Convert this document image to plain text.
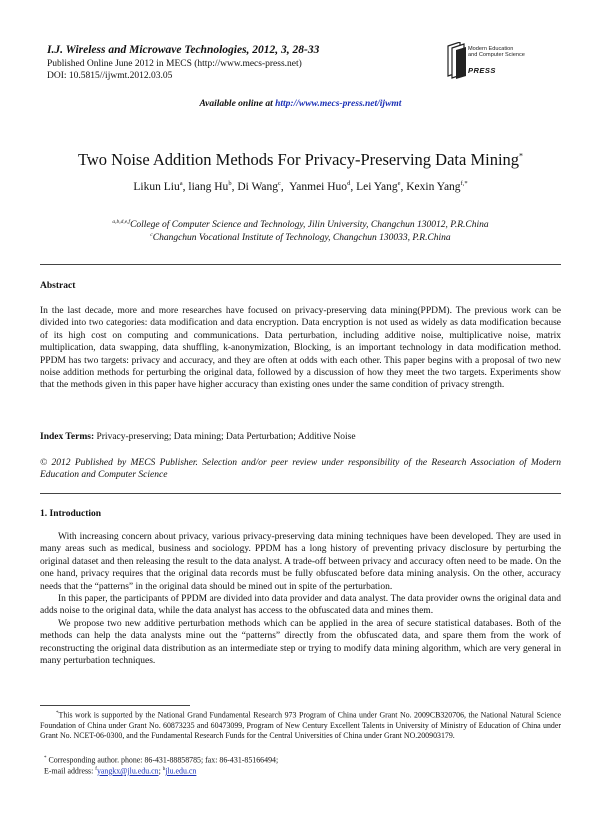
I.J. Wireless and Microwave Technologies, 2012, 3, 28-33
Published Online June 2012 in MECS (http://www.mecs-press.net)
DOI: 10.5815//ijwmt.2012.03.05
Modern Education
and Computer Science
PRESS
Available online at http://www.mecs-press.net/ijwmt
Two Noise Addition Methods For Privacy-Preserving Data Mining*
Likun Liu$^a$, liang Hu$^b$, Di Wang$^c$,  Yanmei Huo$^d$, Lei Yang$^e$, Kexin Yang$^{f,*}$
$^{a,b,d,e,f}$College of Computer Science and Technology, Jilin University, Changchun 130012, P.R.China
$^c$Changchun Vocational Institute of Technology, Changchun 130033, P.R.China
Abstract

In the last decade, more and more researches have focused on privacy-preserving data mining(PPDM). The previous work can be divided into two categories: data modification and data encryption. Data encryption is not used as widely as data modification because of its high cost on computing and communications. Data perturbation, including additive noise, multiplicative noise, matrix multiplication, data swapping, data shuffling, k-anonymization, Blocking, is an important technology in data modification method. PPDM has two targets: privacy and accuracy, and they are often at odds with each other. This paper begins with a proposal of two new noise addition methods for perturbing the original data, followed by a discussion of how they meet the two targets. Experiments show that the methods given in this paper have higher accuracy than existing ones under the same condition of privacy strength.

Index Terms: Privacy-preserving; Data mining; Data Perturbation; Additive Noise

© 2012 Published by MECS Publisher. Selection and/or peer review under responsibility of the Research Association of Modern Education and Computer Science

1. Introduction

With increasing concern about privacy, various privacy-preserving data mining techniques have been developed. They are used in many areas such as medical, business and sociology. PPDM has a long history of preventing privacy disclosure by perturbing the original dataset and then releasing the result to the data analyst. A trade-off between privacy and accuracy often need to be made. On the one hand, privacy requires that the original data records must be fully obfuscated before data mining analysis. On the other, accuracy needs that the “patterns” in the original data should be mined out in spite of the perturbation.

In this paper, the participants of PPDM are divided into data provider and data analyst. The data provider owns the original data and adds noise to the original data, while the data analyst has access to the obfuscated data and mines them.

We propose two new additive perturbation methods which can be applied in the area of secure statistical databases. Both of the methods can help the data analysts mine out the “patterns” directly from the obfuscated data, and spare them from the work of reconstructing the original data distribution as an intermediate step or trying to modify data mining algorithm, which are very general in many perturbation techniques.

*This work is supported by the National Grand Fundamental Research 973 Program of China under Grant No. 2009CB320706, the National Natural Science Foundation of China under Grant No. 60873235 and 60473099, Program of New Century Excellent Talents in University of Ministry of Education of China under Grant No. NCET-06-0300, and the Fundamental Research Funds for the Central Universities of China under Grant NO.200903179.
* Corresponding author. phone: 86-431-88858785; fax: 86-431-85166494;
E-mail address: $^f$yangkx@jlu.edu.cn; $^b$jlu.edu.cn
